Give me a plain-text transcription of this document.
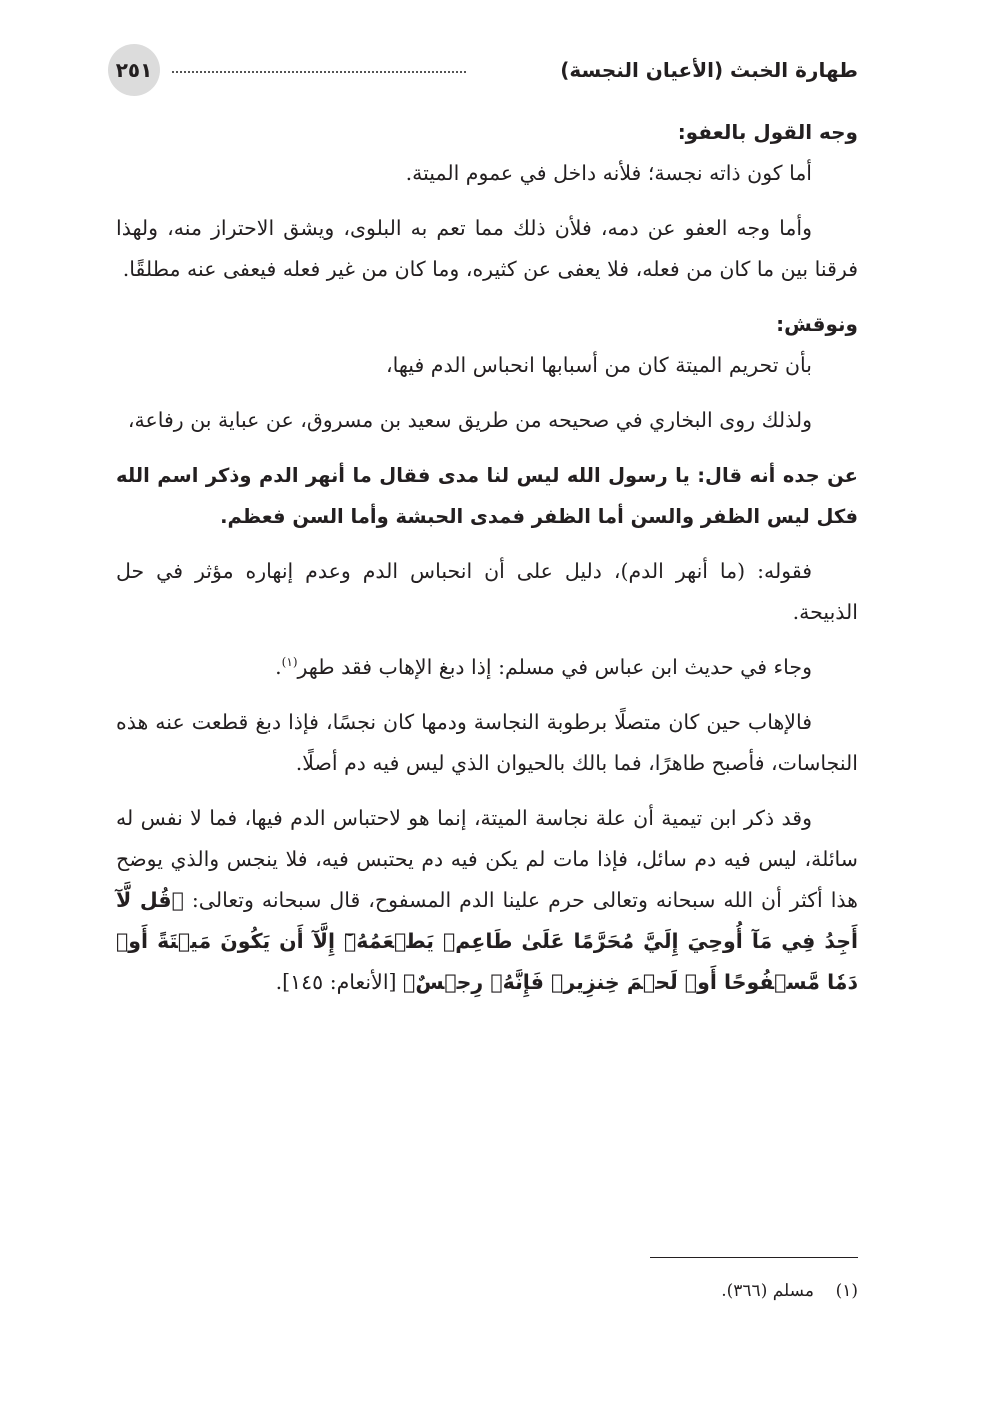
طهارة الخبث (الأعيان النجسة)
٢٥١

وجه القول بالعفو:

أما كون ذاته نجسة؛ فلأنه داخل في عموم الميتة.

وأما وجه العفو عن دمه، فلأن ذلك مما تعم به البلوى، ويشق الاحتراز منه، ولهذا فرقنا بين ما كان من فعله، فلا يعفى عن كثيره، وما كان من غير فعله فيعفى عنه مطلقًا.

ونوقش:

بأن تحريم الميتة كان من أسبابها انحباس الدم فيها،

ولذلك روى البخاري في صحيحه من طريق سعيد بن مسروق، عن عباية بن رفاعة،

عن جده أنه قال: يا رسول الله ليس لنا مدى فقال ما أنهر الدم وذكر اسم الله فكل ليس الظفر والسن أما الظفر فمدى الحبشة وأما السن فعظم.

فقوله: (ما أنهر الدم)، دليل على أن انحباس الدم وعدم إنهاره مؤثر في حل الذبيحة.

وجاء في حديث ابن عباس في مسلم: إذا دبغ الإهاب فقد طهر$^{(١)}$.

فالإهاب حين كان متصلًا برطوبة النجاسة ودمها كان نجسًا، فإذا دبغ قطعت عنه هذه النجاسات، فأصبح طاهرًا، فما بالك بالحيوان الذي ليس فيه دم أصلًا.

وقد ذكر ابن تيمية أن علة نجاسة الميتة، إنما هو لاحتباس الدم فيها، فما لا نفس له سائلة، ليس فيه دم سائل، فإذا مات لم يكن فيه دم يحتبس فيه، فلا ينجس والذي يوضح هذا أكثر أن الله سبحانه وتعالى حرم علينا الدم المسفوح، قال سبحانه وتعالى: ﴿قُل لَّآ أَجِدُ فِي مَآ أُوحِيَ إِلَيَّ مُحَرَّمًا عَلَىٰ طَاعِمٖ يَطۡعَمُهُۥٓ إِلَّآ أَن يَكُونَ مَيۡتَةً أَوۡ دَمٗا مَّسۡفُوحًا أَوۡ لَحۡمَ خِنزِيرٖ فَإِنَّهُۥ رِجۡسٌ﴾ [الأنعام: ١٤٥].

(١)    مسلم (٣٦٦).
